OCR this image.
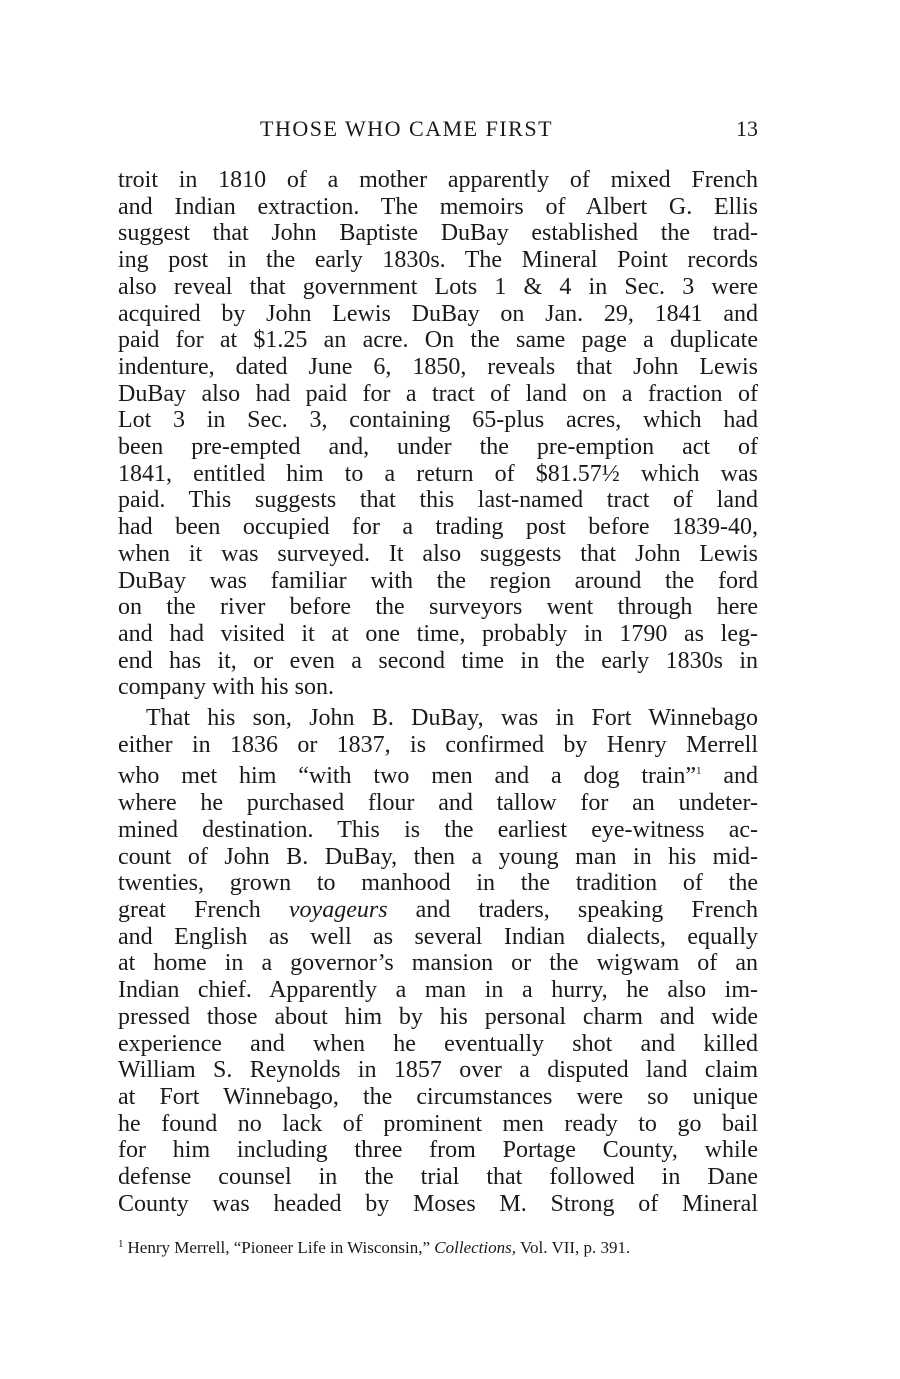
THOSE WHO CAME FIRST	13
troit in 1810 of a mother apparently of mixed French
and Indian extraction. The memoirs of Albert G. Ellis
suggest that John Baptiste DuBay established the trad-
ing post in the early 1830s. The Mineral Point records
also reveal that government Lots 1 & 4 in Sec. 3 were
acquired by John Lewis DuBay on Jan. 29, 1841 and
paid for at $1.25 an acre. On the same page a duplicate
indenture, dated June 6, 1850, reveals that John Lewis
DuBay also had paid for a tract of land on a fraction of
Lot 3 in Sec. 3, containing 65-plus acres, which had
been pre-empted and, under the pre-emption act of
1841, entitled him to a return of $81.57½ which was
paid. This suggests that this last-named tract of land
had been occupied for a trading post before 1839-40,
when it was surveyed. It also suggests that John Lewis
DuBay was familiar with the region around the ford
on the river before the surveyors went through here
and had visited it at one time, probably in 1790 as leg-
end has it, or even a second time in the early 1830s in
company with his son.
That his son, John B. DuBay, was in Fort Winnebago
either in 1836 or 1837, is confirmed by Henry Merrell
who met him “with two men and a dog train”$^1$ and
where he purchased flour and tallow for an undeter-
mined destination. This is the earliest eye-witness ac-
count of John B. DuBay, then a young man in his mid-
twenties, grown to manhood in the tradition of the
great French voyageurs and traders, speaking French
and English as well as several Indian dialects, equally
at home in a governor’s mansion or the wigwam of an
Indian chief. Apparently a man in a hurry, he also im-
pressed those about him by his personal charm and wide
experience and when he eventually shot and killed
William S. Reynolds in 1857 over a disputed land claim
at Fort Winnebago, the circumstances were so unique
he found no lack of prominent men ready to go bail
for him including three from Portage County, while
defense counsel in the trial that followed in Dane
County was headed by Moses M. Strong of Mineral
$^1$ Henry Merrell, “Pioneer Life in Wisconsin,” Collections, Vol. VII, p. 391.
